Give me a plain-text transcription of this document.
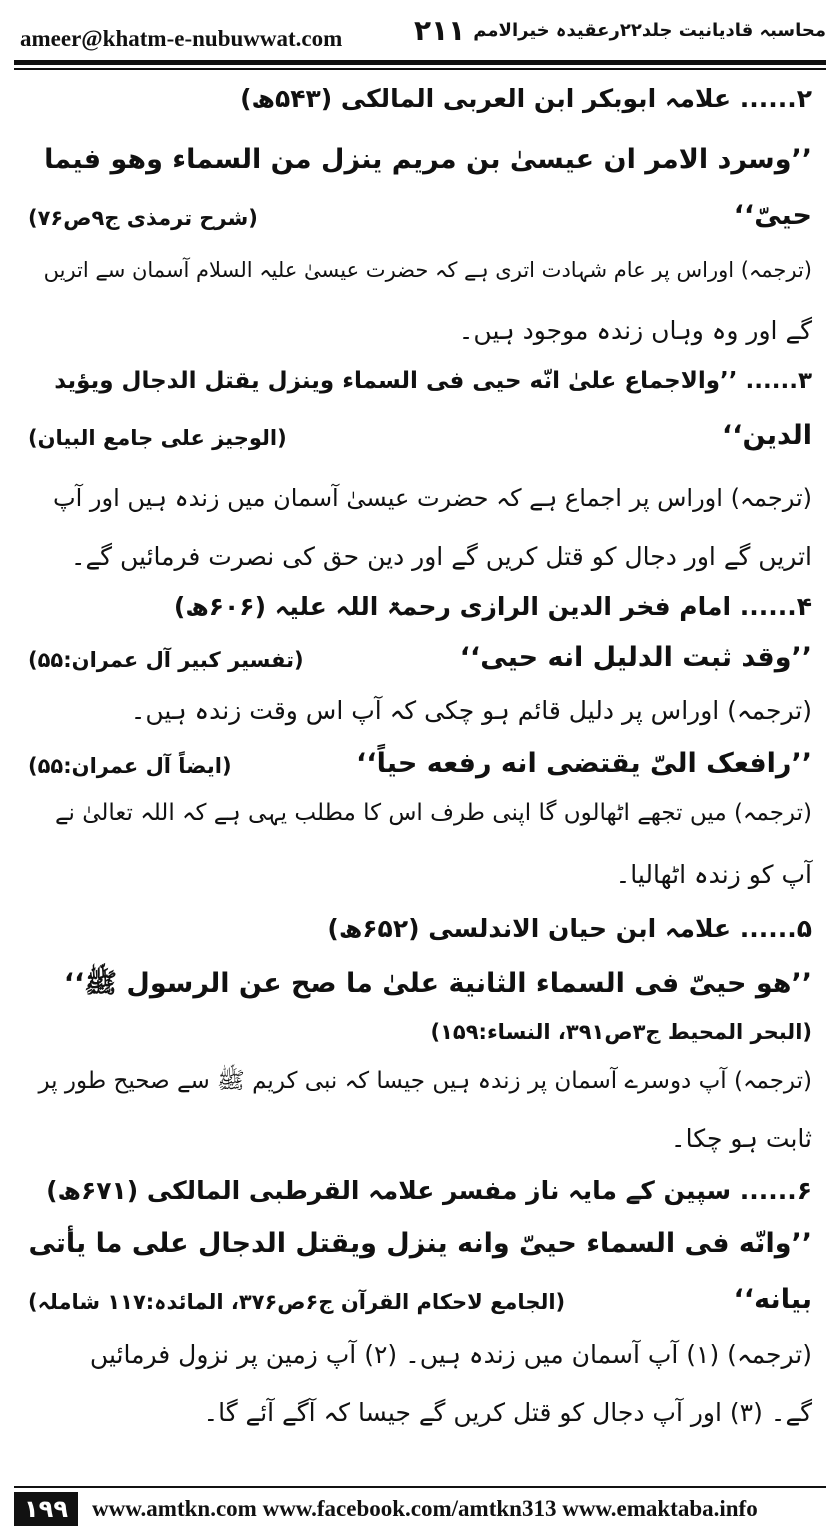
ameer@khatm-e-nubuwwat.com	۲۱۱ محاسبہ قادیانیت جلد۲۲رعقیدہ خیرالامم
۲...... علامہ ابوبکر ابن العربی المالکی (۵۴۳ھ)
’’وسرد الامر ان عیسیٰ بن مریم ینزل من السماء وهو فیما
حییّ‘‘
(شرح ترمذی ج۹ص۷۶)
(ترجمہ) اوراس پر عام شہادت اتری ہے کہ حضرت عیسیٰ علیہ السلام آسمان سے اتریں
گے اور وہ وہاں زندہ موجود ہیں۔
۳...... ’’والاجماع علیٰ انّه حیی فی السماء وینزل یقتل الدجال ویؤید
الدین‘‘
(الوجیز علی جامع البیان)
(ترجمہ) اوراس پر اجماع ہے کہ حضرت عیسیٰ آسمان میں زندہ ہیں اور آپ
اتریں گے اور دجال کو قتل کریں گے اور دین حق کی نصرت فرمائیں گے۔
۴...... امام فخر الدین الرازی رحمۃ اللہ علیہ (۶۰۶ھ)
’’وقد ثبت الدلیل انه حیی‘‘
(تفسیر کبیر آل عمران:۵۵)
(ترجمہ) اوراس پر دلیل قائم ہو چکی کہ آپ اس وقت زندہ ہیں۔
’’رافعک الیّ یقتضی انه رفعه حیاً‘‘
(ایضاً آل عمران:۵۵)
(ترجمہ) میں تجھے اٹھالوں گا اپنی طرف اس کا مطلب یہی ہے کہ اللہ تعالیٰ نے
آپ کو زندہ اٹھالیا۔
۵...... علامہ ابن حیان الاندلسی (۶۵۲ھ)
’’هو حییّ فی السماء الثانیة علیٰ ما صح عن الرسول ﷺ‘‘
(البحر المحیط ج۳ص۳۹۱، النساء:۱۵۹)
(ترجمہ) آپ دوسرے آسمان پر زندہ ہیں جیسا کہ نبی کریم ﷺ سے صحیح طور پر
ثابت ہو چکا۔
۶...... سپین کے مایہ ناز مفسر علامہ القرطبی المالکی (۶۷۱ھ)
’’وانّه فی السماء حییّ وانه ینزل ویقتل الدجال علی ما یأتی
بیانه‘‘
(الجامع لاحکام القرآن ج۶ص۳۷۶، المائدہ:۱۱۷ شاملہ)
(ترجمہ) (۱) آپ آسمان میں زندہ ہیں۔ (۲) آپ زمین پر نزول فرمائیں
گے۔ (۳) اور آپ دجال کو قتل کریں گے جیسا کہ آگے آئے گا۔
۱۹۹	www.amtkn.com www.facebook.com/amtkn313 www.emaktaba.info
